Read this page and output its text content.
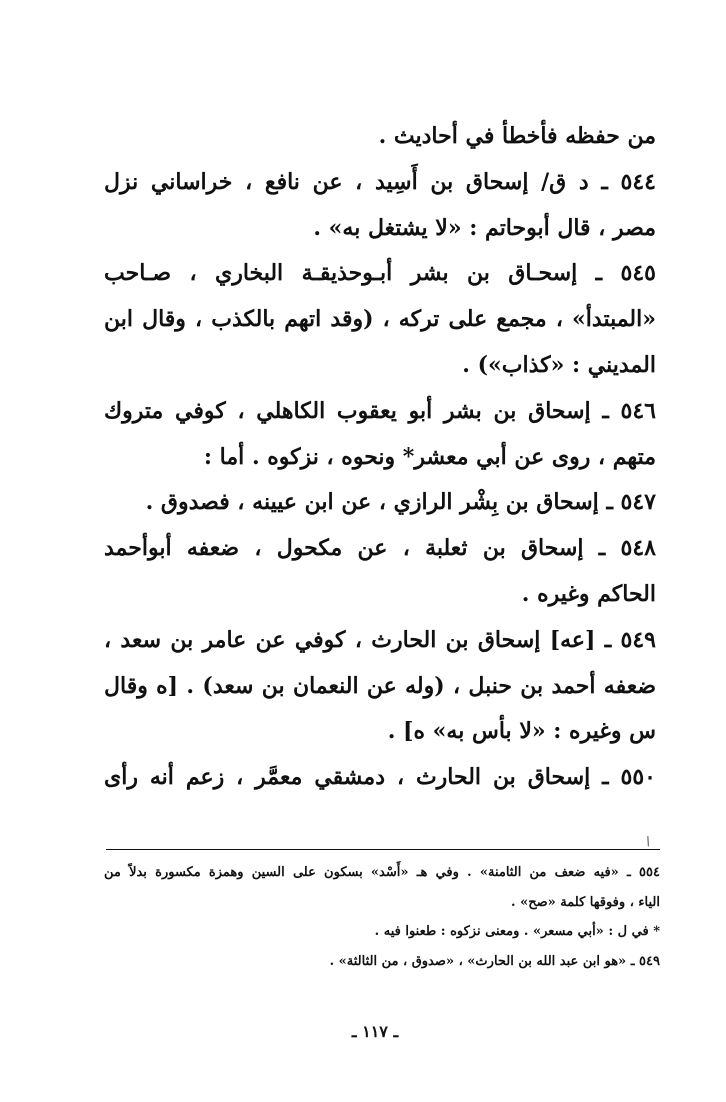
من حفظه فأخطأ في أحاديث .
٥٤٤ ـ د ق/ إسحاق بن أَسِيد ، عن نافع ، خراساني نزل
مصر ، قال أبوحاتم : «لا يشتغل به» .
٥٤٥ ـ إسحـاق بن بشر أبـوحذيقـة البخاري ، صـاحب
«المبتدأ» ، مجمع على تركه ، (وقد اتهم بالكذب ، وقال ابن
المديني : «كذاب») .
٥٤٦ ـ إسحاق بن بشر أبو يعقوب الكاهلي ، كوفي متروك
متهم ، روى عن أبي معشر* ونحوه ، نزكوه . أما :
٥٤٧ ـ إسحاق بن بِشْر الرازي ، عن ابن عيينه ، فصدوق .
٥٤٨ ـ إسحاق بن ثعلبة ، عن مكحول ، ضعفه أبوأحمد
الحاكم وغيره .
٥٤٩ ـ [عه] إسحاق بن الحارث ، كوفي عن عامر بن سعد ،
ضعفه أحمد بن حنبل ، (وله عن النعمان بن سعد) . [ه وقال
س وغيره : «لا بأس به» ه] .
٥٥٠ ـ إسحاق بن الحارث ، دمشقي معمَّر ، زعم أنه رأى
/
٥٥٤ ـ «فيه ضعف من الثامنة» . وفي هـ «أَسْد» بسكون على السين وهمزة مكسورة بدلاً من
الياء ، وفوقها كلمة «صح» .
* في ل : «أبي مسعر» . ومعنى نزكوه : طعنوا فيه .
٥٤٩ ـ «هو ابن عبد الله بن الحارث» ، «صدوق ، من الثالثة» .
ـ ١١٧ ـ
